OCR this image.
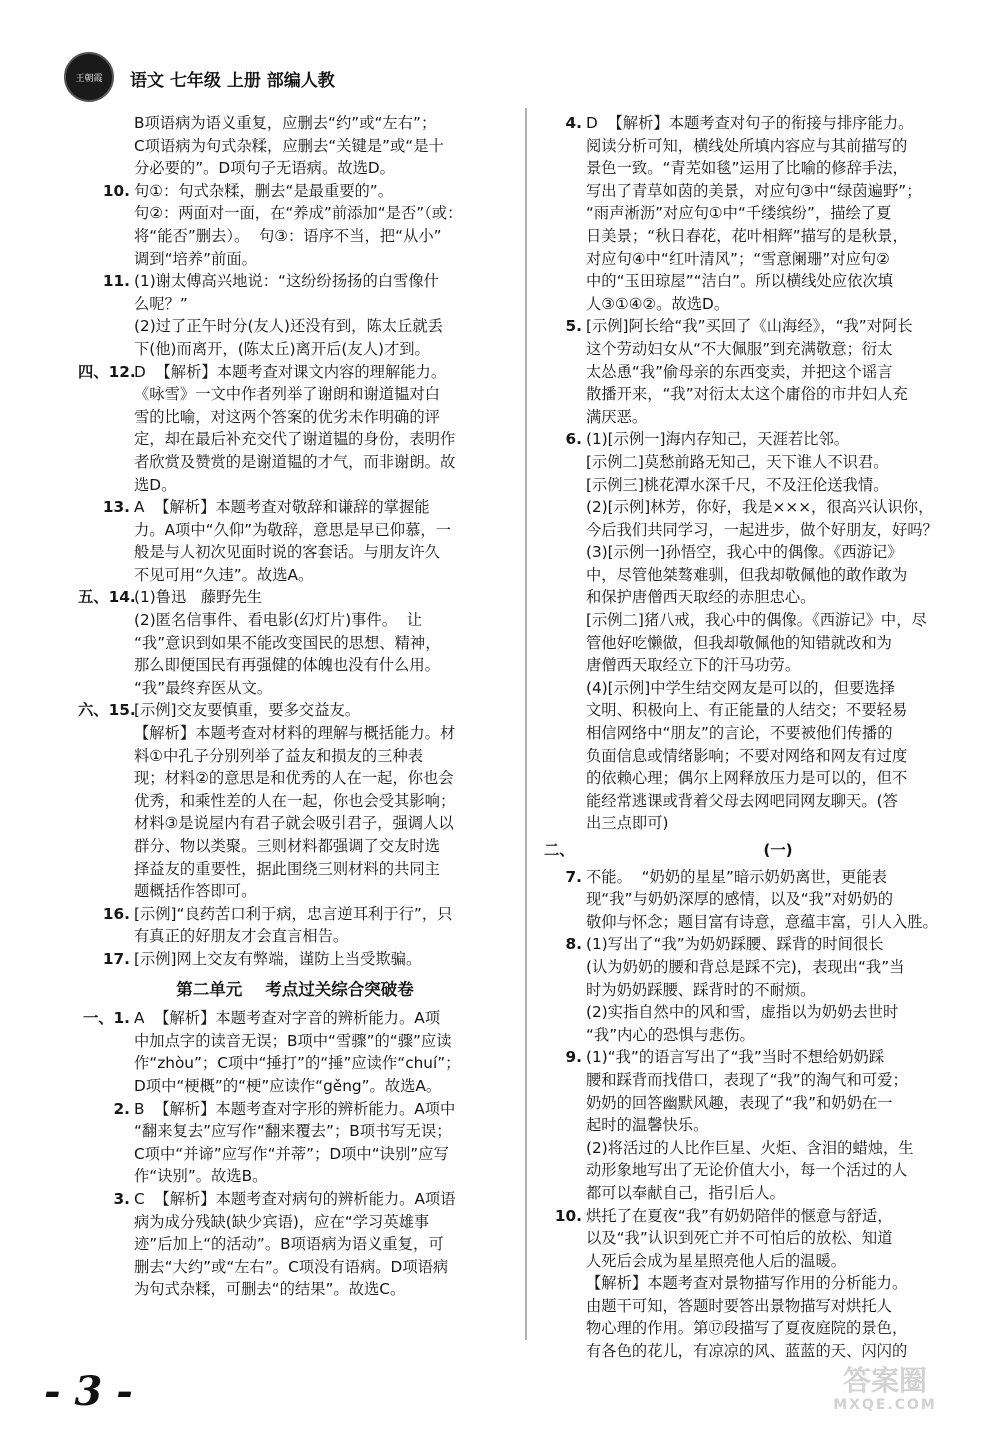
王朝霞	语文 七年级 上册 部编人教
B项语病为语义重复，应删去“约”或“左右”；
C项语病为句式杂糅，应删去“关键是”或“是十
分必要的”。D项句子无语病。故选D。
10. 句①：句式杂糅，删去“是最重要的”。
句②：两面对一面，在“养成”前添加“是否”（或：
将“能否”删去）。  句③：语序不当，把“从小”
调到“培养”前面。
11. (1)谢太傅高兴地说：“这纷纷扬扬的白雪像什
么呢？”
(2)过了正午时分(友人)还没有到，陈太丘就丢
下(他)而离开，(陈太丘)离开后(友人)才到。
四、12.
D  【解析】本题考查对课文内容的理解能力。
《咏雪》一文中作者列举了谢朗和谢道韫对白
雪的比喻，对这两个答案的优劣未作明确的评
定，却在最后补充交代了谢道韫的身份，表明作
者欣赏及赞赏的是谢道韫的才气，而非谢朗。故
选D。
13. A  【解析】本题考查对敬辞和谦辞的掌握能
力。A项中“久仰”为敬辞，意思是早已仰慕，一
般是与人初次见面时说的客套话。与朋友许久
不见可用“久违”。故选A。
五、14.
(1)鲁迅   藤野先生
(2)匿名信事件、看电影(幻灯片)事件。  让
“我”意识到如果不能改变国民的思想、精神，
那么即便国民有再强健的体魄也没有什么用。
“我”最终弃医从文。
六、15.
[示例]交友要慎重，要多交益友。
【解析】本题考查对材料的理解与概括能力。材
料①中孔子分别列举了益友和损友的三种表
现；材料②的意思是和优秀的人在一起，你也会
优秀，和乘性差的人在一起，你也会受其影响；
材料③是说屋内有君子就会吸引君子，强调人以
群分、物以类聚。三则材料都强调了交友时选
择益友的重要性，据此围绕三则材料的共同主
题概括作答即可。
16. [示例]“良药苦口利于病，忠言逆耳利于行”，只
有真正的好朋友才会直言相告。
17. [示例]网上交友有弊端，谨防上当受欺骗。
第二单元    考点过关综合突破卷
一、1. A  【解析】本题考查对字音的辨析能力。A项
中加点字的读音无误；B项中“雪骤”的“骤”应读
作“zhòu”；C项中“捶打”的“捶”应读作“chuí”；
D项中“梗概”的“梗”应读作“gěng”。故选A。
2. B  【解析】本题考查对字形的辨析能力。A项中
“翻来复去”应写作“翻来覆去”；B项书写无误；
C项中“并谛”应写作“并蒂”；D项中“诀别”应写
作“诀别”。故选B。
3. C  【解析】本题考查对病句的辨析能力。A项语
病为成分残缺(缺少宾语)，应在“学习英雄事
迹”后加上“的活动”。B项语病为语义重复，可
删去“大约”或“左右”。C项没有语病。D项语病
为句式杂糅，可删去“的结果”。故选C。
4. D  【解析】本题考查对句子的衔接与排序能力。
阅读分析可知，横线处所填内容应与其前描写的
景色一致。“青芜如毯”运用了比喻的修辞手法，
写出了青草如茵的美景，对应句③中“绿茵遍野”；
“雨声淅沥”对应句①中“千缕缤纷”，描绘了夏
日美景；“秋日春花，花叶相辉”描写的是秋景，
对应句④中“红叶清风”；“雪意阑珊”对应句②
中的“玉田琼屋”“洁白”。所以横线处应依次填
人③①④②。故选D。
5. [示例]阿长给“我”买回了《山海经》，“我”对阿长
这个劳动妇女从“不大佩服”到充满敬意；衍太
太怂恿“我”偷母亲的东西变卖，并把这个谣言
散播开来，“我”对衍太太这个庸俗的市井妇人充
满厌恶。
6. (1)[示例一]海内存知己，天涯若比邻。
[示例二]莫愁前路无知己，天下谁人不识君。
[示例三]桃花潭水深千尺，不及汪伦送我情。
(2)[示例]林芳，你好，我是×××，很高兴认识你，
今后我们共同学习，一起进步，做个好朋友，好吗？
(3)[示例一]孙悟空，我心中的偶像。《西游记》
中，尽管他桀骜难驯，但我却敬佩他的敢作敢为
和保护唐僧西天取经的赤胆忠心。
[示例二]猪八戒，我心中的偶像。《西游记》中，尽
管他好吃懒做，但我却敬佩他的知错就改和为
唐僧西天取经立下的汗马功劳。
(4)[示例]中学生结交网友是可以的，但要选择
文明、积极向上、有正能量的人结交；不要轻易
相信网络中“朋友”的言论，不要被他们传播的
负面信息或情绪影响；不要对网络和网友有过度
的依赖心理；偶尔上网释放压力是可以的，但不
能经常逃课或背着父母去网吧同网友聊天。(答
出三点即可)
二、	(一)
7. 不能。  “奶奶的星星”暗示奶奶离世，更能表
现“我”与奶奶深厚的感情，以及“我”对奶奶的
敬仰与怀念；题目富有诗意，意蕴丰富，引人入胜。
8. (1)写出了“我”为奶奶踩腰、踩背的时间很长
(认为奶奶的腰和背总是踩不完)，表现出“我”当
时为奶奶踩腰、踩背时的不耐烦。
(2)实指自然中的风和雪，虚指以为奶奶去世时
“我”内心的恐惧与悲伤。
9. (1)“我”的语言写出了“我”当时不想给奶奶踩
腰和踩背而找借口，表现了“我”的淘气和可爱；
奶奶的回答幽默风趣，表现了“我”和奶奶在一
起时的温馨快乐。
(2)将活过的人比作巨星、火炬、含泪的蜡烛，生
动形象地写出了无论价值大小，每一个活过的人
都可以奉献自己，指引后人。
10. 烘托了在夏夜“我”有奶奶陪伴的惬意与舒适，
以及“我”认识到死亡并不可怕后的放松、知道
人死后会成为星星照亮他人后的温暖。
【解析】本题考查对景物描写作用的分析能力。
由题干可知，答题时要答出景物描写对烘托人
物心理的作用。第⑰段描写了夏夜庭院的景色，
有各色的花儿，有凉凉的风、蓝蓝的天、闪闪的
- 3 -	答案圈
MXQE.COM
